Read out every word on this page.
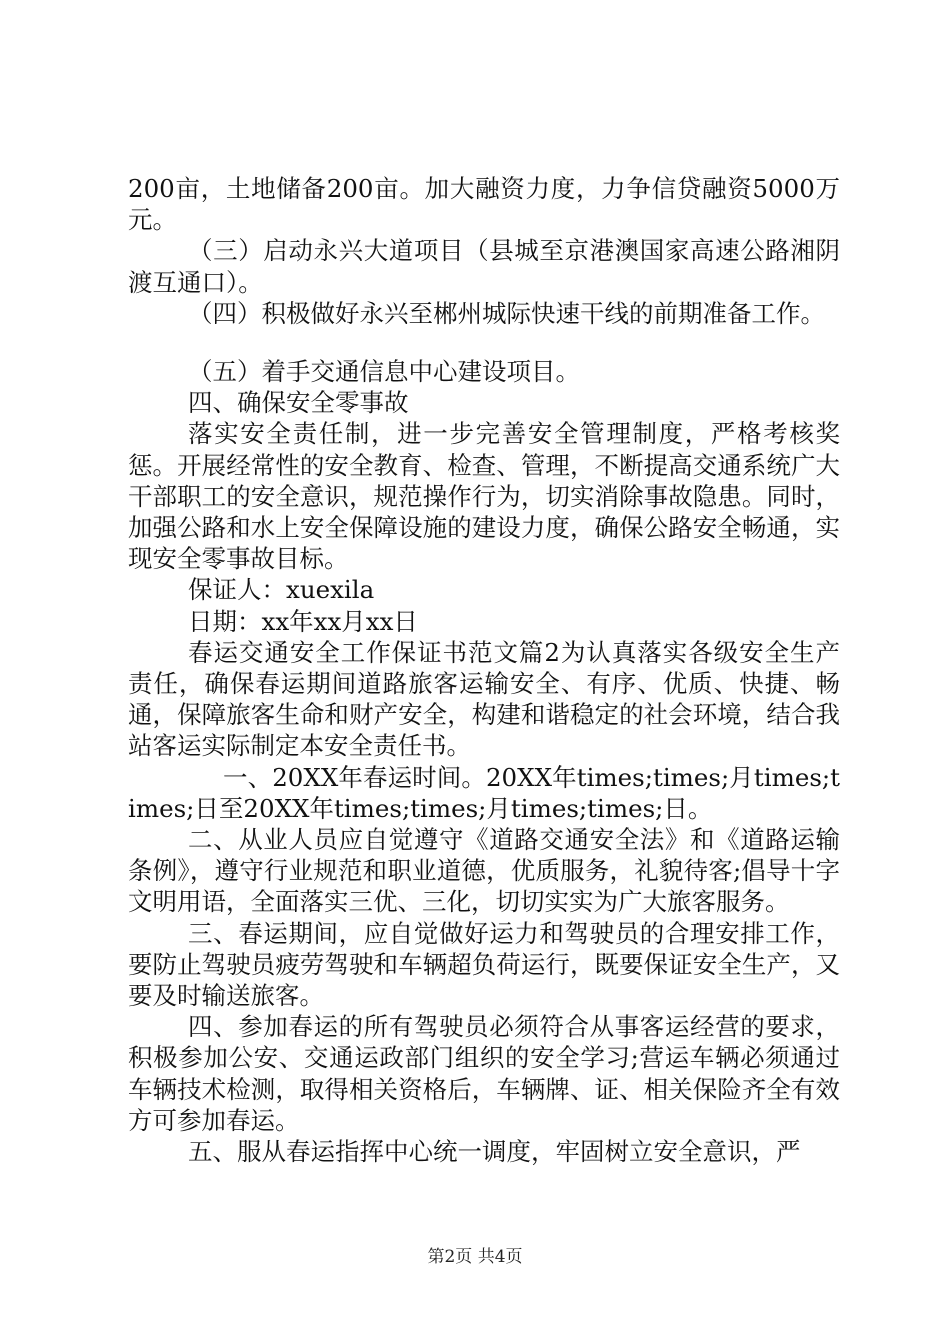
200亩，土地储备200亩。加大融资力度，力争信贷融资5000万元。

（三）启动永兴大道项目（县城至京港澳国家高速公路湘阴渡互通口）。

（四）积极做好永兴至郴州城际快速干线的前期准备工作。

（五）着手交通信息中心建设项目。

四、确保安全零事故

落实安全责任制，进一步完善安全管理制度，严格考核奖惩。开展经常性的安全教育、检查、管理，不断提高交通系统广大干部职工的安全意识，规范操作行为，切实消除事故隐患。同时，加强公路和水上安全保障设施的建设力度，确保公路安全畅通，实现安全零事故目标。

保证人：xuexila

日期：xx年xx月xx日

春运交通安全工作保证书范文篇2为认真落实各级安全生产责任，确保春运期间道路旅客运输安全、有序、优质、快捷、畅通，保障旅客生命和财产安全，构建和谐稳定的社会环境，结合我站客运实际制定本安全责任书。

一、20XX年春运时间。20XX年times;times;月times;times;日至20XX年times;times;月times;times;日。

二、从业人员应自觉遵守《道路交通安全法》和《道路运输条例》，遵守行业规范和职业道德，优质服务，礼貌待客;倡导十字文明用语，全面落实三优、三化，切切实实为广大旅客服务。

三、春运期间，应自觉做好运力和驾驶员的合理安排工作，要防止驾驶员疲劳驾驶和车辆超负荷运行，既要保证安全生产，又要及时输送旅客。

四、参加春运的所有驾驶员必须符合从事客运经营的要求，积极参加公安、交通运政部门组织的安全学习;营运车辆必须通过车辆技术检测，取得相关资格后，车辆牌、证、相关保险齐全有效方可参加春运。

五、服从春运指挥中心统一调度，牢固树立安全意识，严

第2页 共4页
